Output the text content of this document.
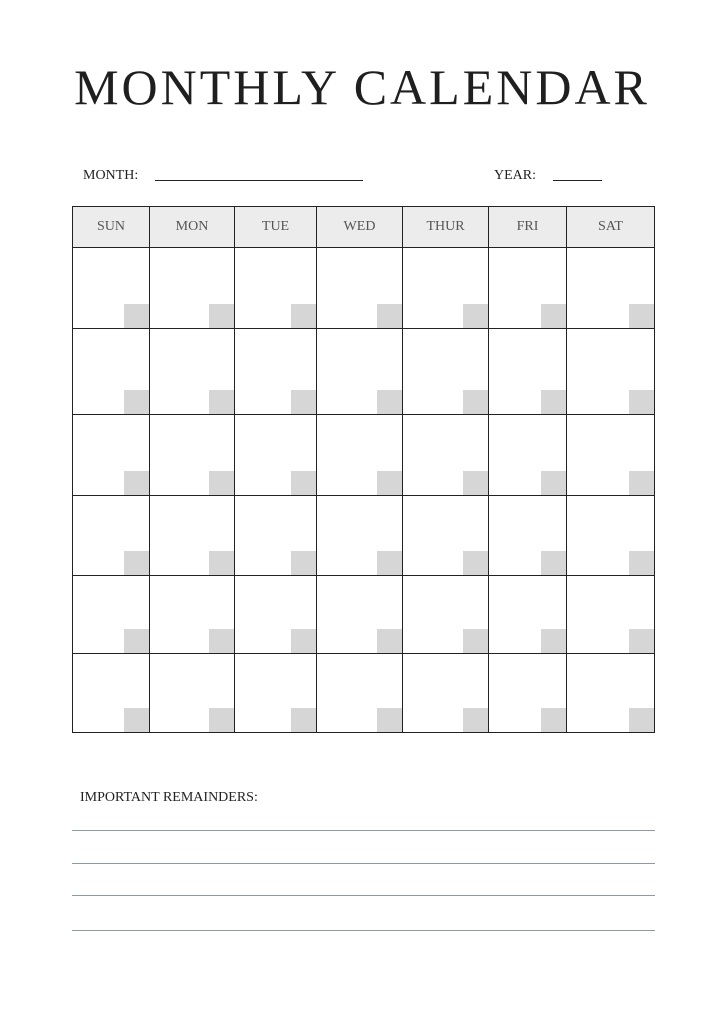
MONTHLY CALENDAR
MONTH:	YEAR:
SUN	MON	TUE	WED	THUR	FRI	SAT
IMPORTANT REMAINDERS:
